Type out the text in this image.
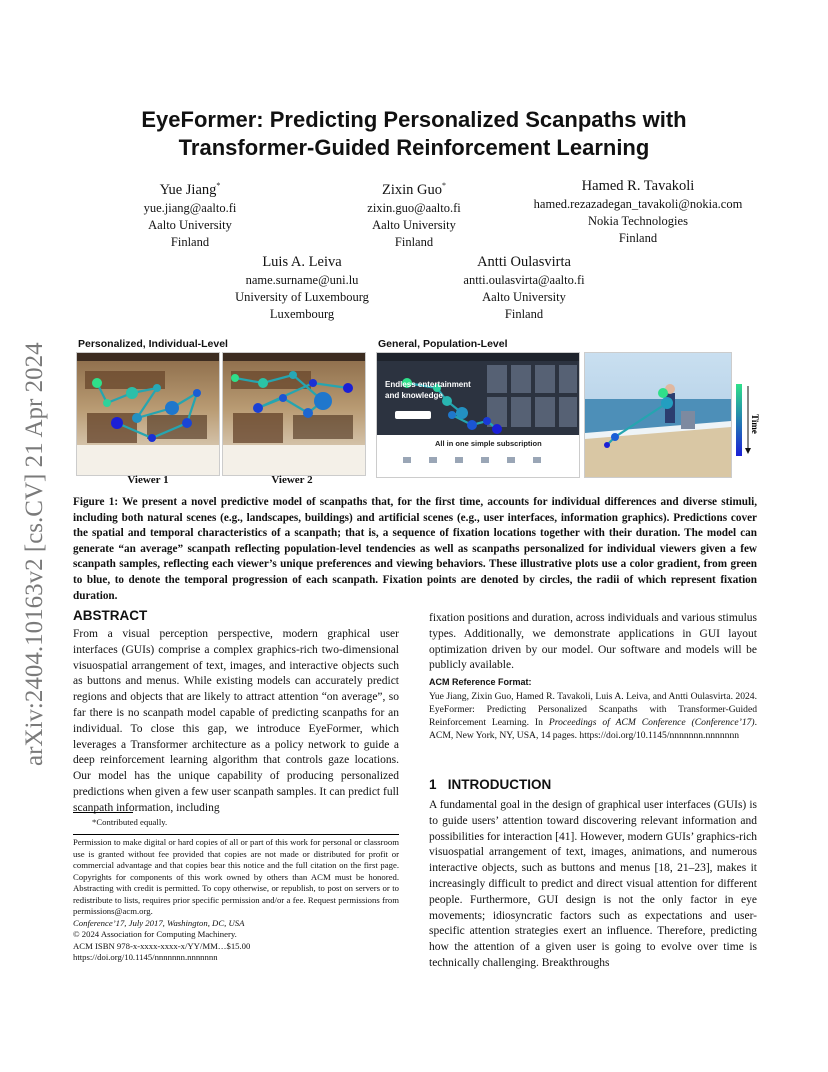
arXiv:2404.10163v2 [cs.CV] 21 Apr 2024
EyeFormer: Predicting Personalized Scanpaths with
Transformer-Guided Reinforcement Learning
Yue Jiang*
yue.jiang@aalto.fi
Aalto University
Finland
Zixin Guo*
zixin.guo@aalto.fi
Aalto University
Finland
Hamed R. Tavakoli
hamed.rezazadegan_tavakoli@nokia.com
Nokia Technologies
Finland
Luis A. Leiva
name.surname@uni.lu
University of Luxembourg
Luxembourg
Antti Oulasvirta
antti.oulasvirta@aalto.fi
Aalto University
Finland
Personalized, Individual-Level	General, Population-Level
Viewer 1	Viewer 2
Endless entertainment
and knowledge
All in one simple subscription
Time
Figure 1: We present a novel predictive model of scanpaths that, for the first time, accounts for individual differences and diverse stimuli, including both natural scenes (e.g., landscapes, buildings) and artificial scenes (e.g., user interfaces, information graphics). Predictions cover the spatial and temporal characteristics of a scanpath; that is, a sequence of fixation locations together with their duration. The model can generate “an average” scanpath reflecting population-level tendencies as well as scanpaths personalized for individual viewers given a few scanpath samples, reflecting each viewer’s unique preferences and viewing behaviors. These illustrative plots use a color gradient, from green to blue, to denote the temporal progression of each scanpath. Fixation points are denoted by circles, the radii of which represent fixation duration.
ABSTRACT
From a visual perception perspective, modern graphical user interfaces (GUIs) comprise a complex graphics-rich two-dimensional visuospatial arrangement of text, images, and interactive objects such as buttons and menus. While existing models can accurately predict regions and objects that are likely to attract attention “on average”, so far there is no scanpath model capable of predicting scanpaths for an individual. To close this gap, we introduce EyeFormer, which leverages a Transformer architecture as a policy network to guide a deep reinforcement learning algorithm that controls gaze locations. Our model has the unique capability of producing personalized predictions when given a few user scanpath samples. It can predict full scanpath information, including
*Contributed equally.
Permission to make digital or hard copies of all or part of this work for personal or classroom use is granted without fee provided that copies are not made or distributed for profit or commercial advantage and that copies bear this notice and the full citation on the first page. Copyrights for components of this work owned by others than ACM must be honored. Abstracting with credit is permitted. To copy otherwise, or republish, to post on servers or to redistribute to lists, requires prior specific permission and/or a fee. Request permissions from permissions@acm.org.
Conference’17, July 2017, Washington, DC, USA
© 2024 Association for Computing Machinery.
ACM ISBN 978-x-xxxx-xxxx-x/YY/MM…$15.00
https://doi.org/10.1145/nnnnnnn.nnnnnnn
fixation positions and duration, across individuals and various stimulus types. Additionally, we demonstrate applications in GUI layout optimization driven by our model. Our software and models will be publicly available.
ACM Reference Format:
Yue Jiang, Zixin Guo, Hamed R. Tavakoli, Luis A. Leiva, and Antti Oulasvirta. 2024. EyeFormer: Predicting Personalized Scanpaths with Transformer-Guided Reinforcement Learning. In Proceedings of ACM Conference (Conference’17). ACM, New York, NY, USA, 14 pages. https://doi.org/10.1145/nnnnnnn.nnnnnnn
1 INTRODUCTION
A fundamental goal in the design of graphical user interfaces (GUIs) is to guide users’ attention toward discovering relevant information and possibilities for interaction [41]. However, modern GUIs’ graphics-rich visuospatial arrangement of text, images, animations, and numerous interactive objects, such as buttons and menus [18, 21–23], makes it increasingly difficult to predict and direct visual attention for different people. Furthermore, GUI design is not the only factor in eye movements; idiosyncratic factors such as expectations and user-specific attention strategies exert an influence. Therefore, predicting how the attention of a given user is going to evolve over time is technically challenging. Breakthroughs
